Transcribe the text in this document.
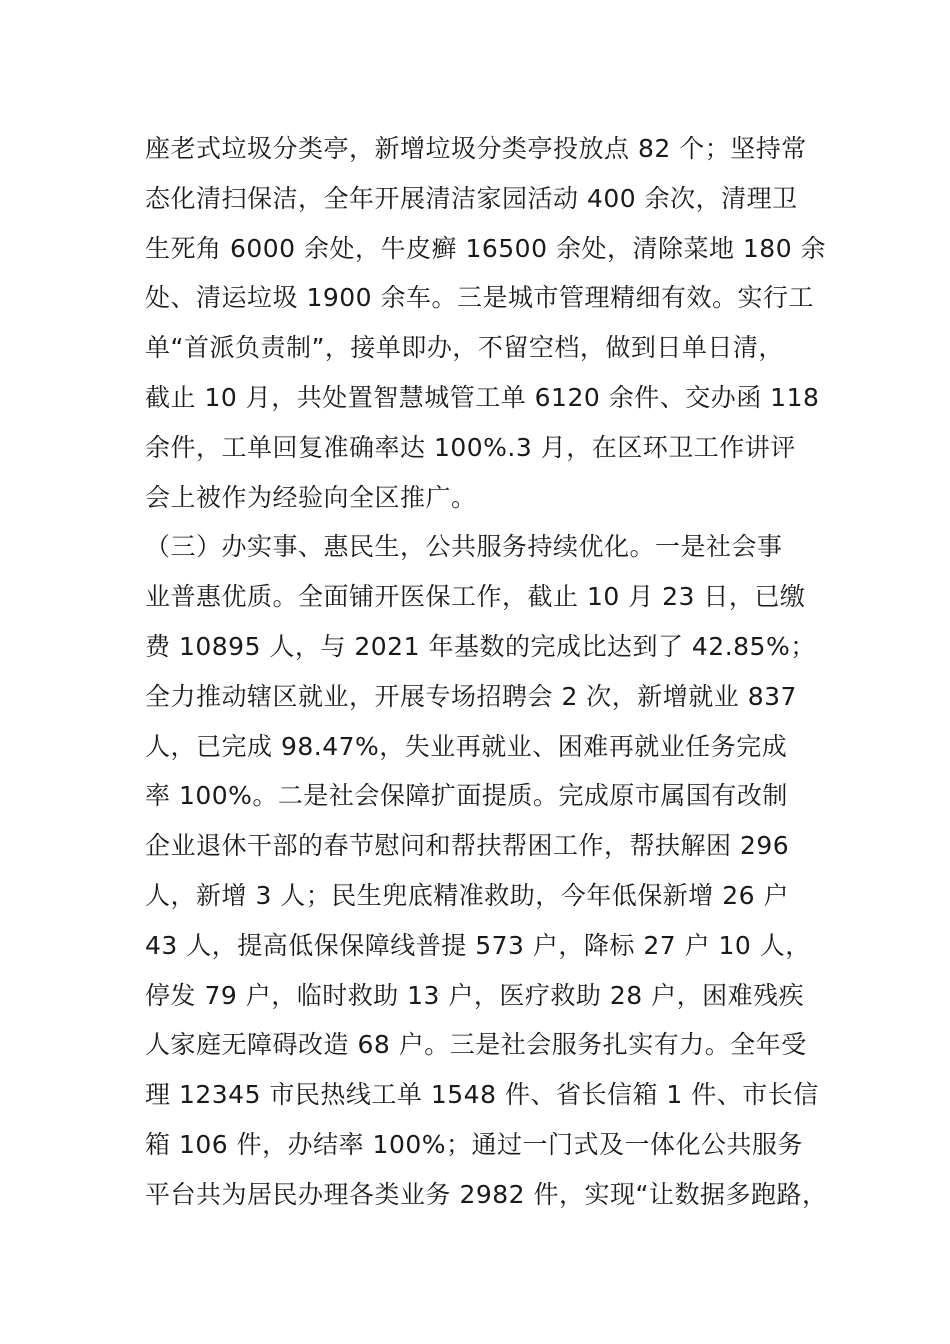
座老式垃圾分类亭，新增垃圾分类亭投放点 82 个；坚持常
态化清扫保洁，全年开展清洁家园活动 400 余次，清理卫
生死角 6000 余处，牛皮癣 16500 余处，清除菜地 180 余
处、清运垃圾 1900 余车。三是城市管理精细有效。实行工
单“首派负责制”，接单即办，不留空档，做到日单日清，
截止 10 月，共处置智慧城管工单 6120 余件、交办函 118
余件，工单回复准确率达 100%.3 月，在区环卫工作讲评
会上被作为经验向全区推广。
（三）办实事、惠民生，公共服务持续优化。一是社会事
业普惠优质。全面铺开医保工作，截止 10 月 23 日，已缴
费 10895 人，与 2021 年基数的完成比达到了 42.85%；
全力推动辖区就业，开展专场招聘会 2 次，新增就业 837
人，已完成 98.47%，失业再就业、困难再就业任务完成
率 100%。二是社会保障扩面提质。完成原市属国有改制
企业退休干部的春节慰问和帮扶帮困工作，帮扶解困 296
人，新增 3 人；民生兜底精准救助，今年低保新增 26 户
43 人，提高低保保障线普提 573 户，降标 27 户 10 人，
停发 79 户，临时救助 13 户，医疗救助 28 户，困难残疾
人家庭无障碍改造 68 户。三是社会服务扎实有力。全年受
理 12345 市民热线工单 1548 件、省长信箱 1 件、市长信
箱 106 件，办结率 100%；通过一门式及一体化公共服务
平台共为居民办理各类业务 2982 件，实现“让数据多跑路，
